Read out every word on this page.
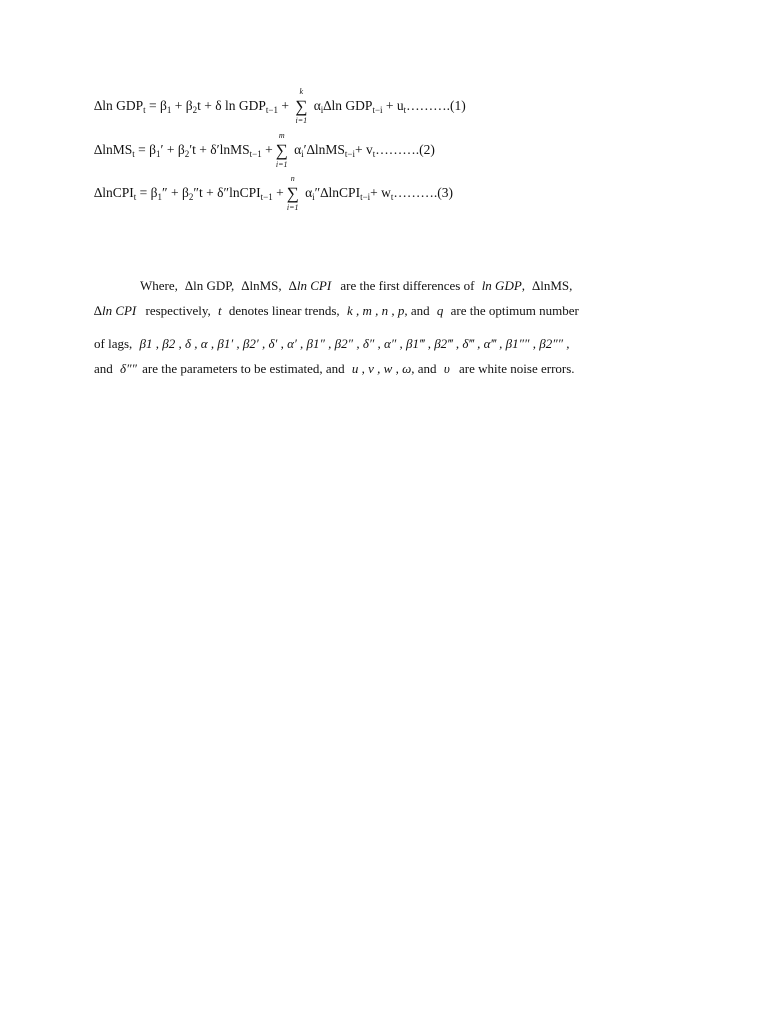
∆ln $GDP_t = \beta_1 + \beta_2t + \delta$ $\ln GDP_{t-1}$ + ∑
k
i=1
$\alpha_i\Delta\ln$ $GDP_{t-i}$ + $u_t\dots\dots\dots.(1)$
∆lnMS$_t$ = $\beta_1' + \beta_2't$ + δ′lnMS$_{t-1}$ + ∑
m
i=1
$\alpha_i'\Delta lnMS_{t-i}+$ $v_t\dots\dots\dots.(2)$
∆lnCPI$_t$ = $\beta_1'' + \beta_2''t$ + δ″lnCPI$_{t-1}$ + ∑
n
i=1
$\alpha_i''\Delta lnCPI_{t-i}+$ $w_t\dots\dots\dots.(3)$
Where, ∆ln GDP, ∆lnMS, ∆ln CPI are the first differences of ln GDP, ∆lnMS,
∆ln CPI respectively, t denotes linear trends, k , m , n , p, and q are the optimum number
of lags, β1 , β2 , δ , α , β1′ , β2′ , δ′ , α′ , β1″ , β2″ , δ″ , α″ , β1‴ , β2‴ , δ‴ , α‴ , β1″″ , β2″″ ,
and δ″″ are the parameters to be estimated, and u , v , w , ω, and υ are white noise errors.
